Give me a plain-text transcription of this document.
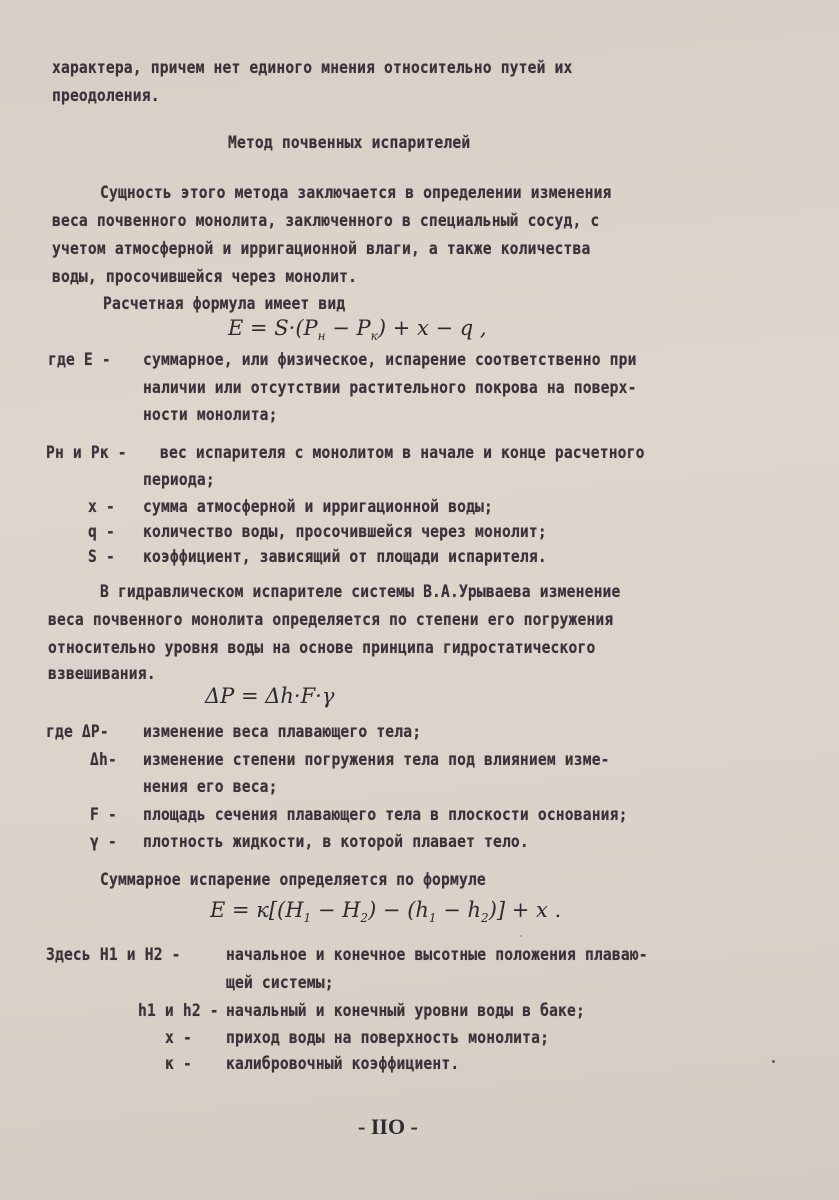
характера, причем нет единого мнения относительно путей их
преодоления.
Метод почвенных испарителей
Сущность этого метода заключается в определении изменения
веса почвенного монолита, заключенного в специальный сосуд, с
учетом атмосферной и ирригационной влаги, а также количества
воды, просочившейся через монолит.
Расчетная формула имеет вид
$E = S\cdot(P_н - P_к) + x - q$ ,
где E - суммарное, или физическое, испарение соответственно при
наличии или отсутствии растительного покрова на поверх-
ности монолита;
Pн и Pк - вес испарителя с монолитом в начале и конце расчетного
периода;
x - сумма атмосферной и ирригационной воды;
q - количество воды, просочившейся через монолит;
S - коэффициент, зависящий от площади испарителя.
В гидравлическом испарителе системы В.А.Урываева изменение
веса почвенного монолита определяется по степени его погружения
относительно уровня воды на основе принципа гидростатического
взвешивания.
ΔP = Δh·F·γ
где ΔP- изменение веса плавающего тела;
Δh- изменение степени погружения тела под влиянием изме-
нения его веса;
F - площадь сечения плавающего тела в плоскости основания;
γ - плотность жидкости, в которой плавает тело.
Суммарное испарение определяется по формуле
$E = к[(H_1 - H_2) - (h_1 - h_2)] + x$ .
Здесь H1 и H2 -	начальное и конечное высотные положения плаваю-
щей системы;
h1 и h2 - начальный и конечный уровни воды в баке;
x - приход воды на поверхность монолита;
к - калибровочный коэффициент.
- IIO -
